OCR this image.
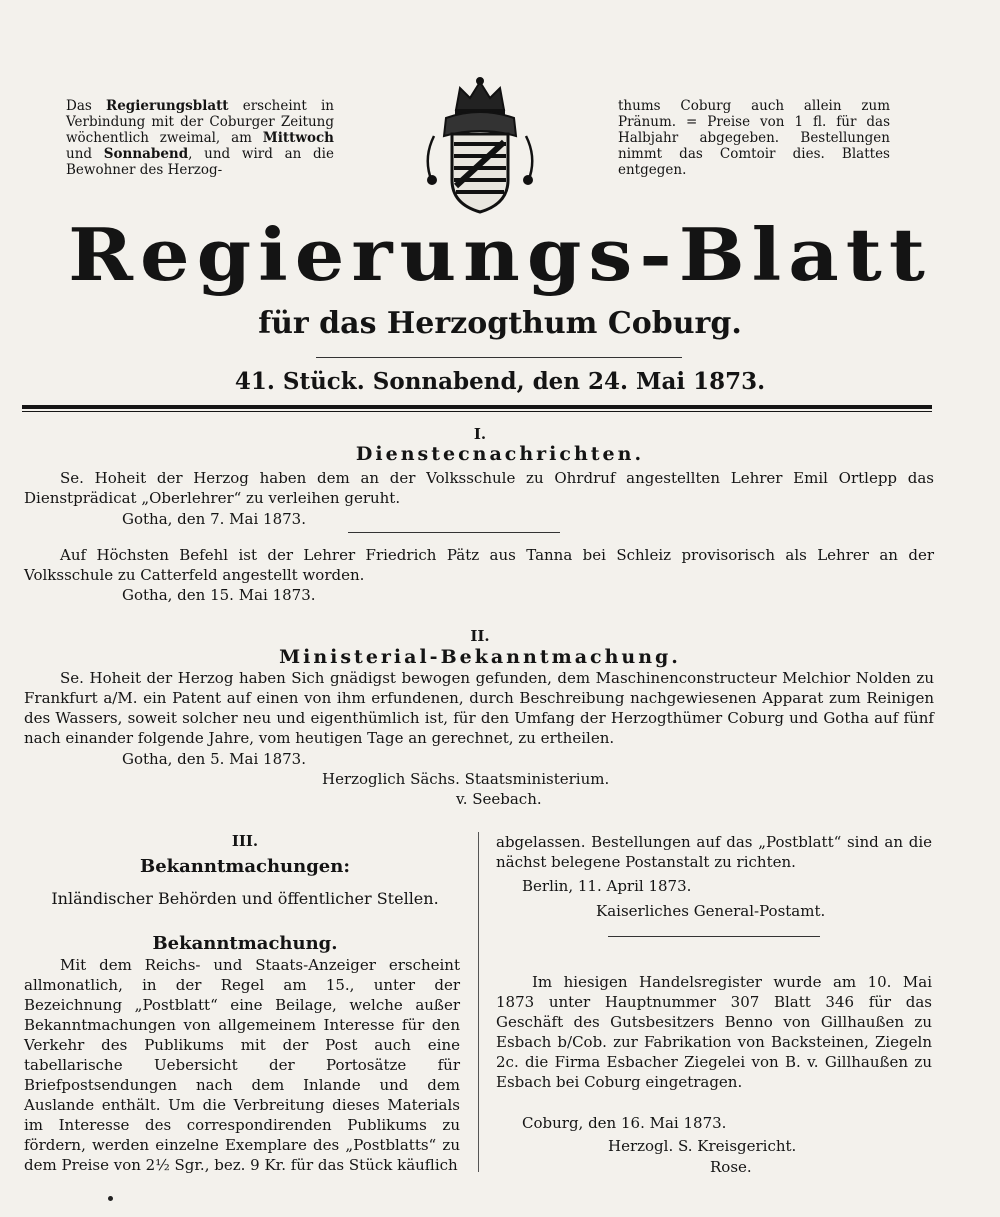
Das Regierungsblatt erscheint in Verbindung mit der Coburger Zeitung wöchentlich zweimal, am Mittwoch und Sonnabend, und wird an die Bewohner des Herzog-
thums Coburg auch allein zum Pränum. = Preise von 1 fl. für das Halbjahr abgegeben. Bestellungen nimmt das Comtoir dies. Blattes entgegen.
Regierungs-Blatt
für das Herzogthum Coburg.
41. Stück. Sonnabend, den 24. Mai 1873.
I.
Diensteсnachrichten.
Se. Hoheit der Herzog haben dem an der Volksschule zu Ohrdruf angestellten Lehrer Emil Ortlepp das Dienstprädicat „Oberlehrer“ zu verleihen geruht.
Gotha, den 7. Mai 1873.
Auf Höchsten Befehl ist der Lehrer Friedrich Pätz aus Tanna bei Schleiz provisorisch als Lehrer an der Volksschule zu Catterfeld angestellt worden.
Gotha, den 15. Mai 1873.
II.
Ministerial-Bekanntmachung.
Se. Hoheit der Herzog haben Sich gnädigst bewogen gefunden, dem Maschinenconstructeur Melchior Nolden zu Frankfurt a/M. ein Patent auf einen von ihm erfundenen, durch Beschreibung nachgewiesenen Apparat zum Reinigen des Wassers, soweit solcher neu und eigenthümlich ist, für den Umfang der Herzogthümer Coburg und Gotha auf fünf nach einander folgende Jahre, vom heutigen Tage an gerechnet, zu ertheilen.
Gotha, den 5. Mai 1873.
Herzoglich Sächs. Staatsministerium.
v. Seebach.
III.
Bekanntmachungen:
Inländischer Behörden und öffentlicher Stellen.
Bekanntmachung.
Mit dem Reichs- und Staats-Anzeiger erscheint allmonatlich, in der Regel am 15., unter der Bezeichnung „Postblatt“ eine Beilage, welche außer Bekanntmachungen von allgemeinem Interesse für den Verkehr des Publikums mit der Post auch eine tabellarische Uebersicht der Portosätze für Briefpostsendungen nach dem Inlande und dem Auslande enthält. Um die Verbreitung dieses Materials im Interesse des correspondirenden Publikums zu fördern, werden einzelne Exemplare des „Postblatts“ zu dem Preise von 2½ Sgr., bez. 9 Kr. für das Stück käuflich
abgelassen. Bestellungen auf das „Postblatt“ sind an die nächst belegene Postanstalt zu richten.
Berlin, 11. April 1873.
Kaiserliches General-Postamt.
Im hiesigen Handelsregister wurde am 10. Mai 1873 unter Hauptnummer 307 Blatt 346 für das Geschäft des Gutsbesitzers Benno von Gillhaußen zu Esbach b/Cob. zur Fabrikation von Backsteinen, Ziegeln 2c. die Firma Esbacher Ziegelei von B. v. Gillhaußen zu Esbach bei Coburg eingetragen.
Coburg, den 16. Mai 1873.
Herzogl. S. Kreisgericht.
Rose.
